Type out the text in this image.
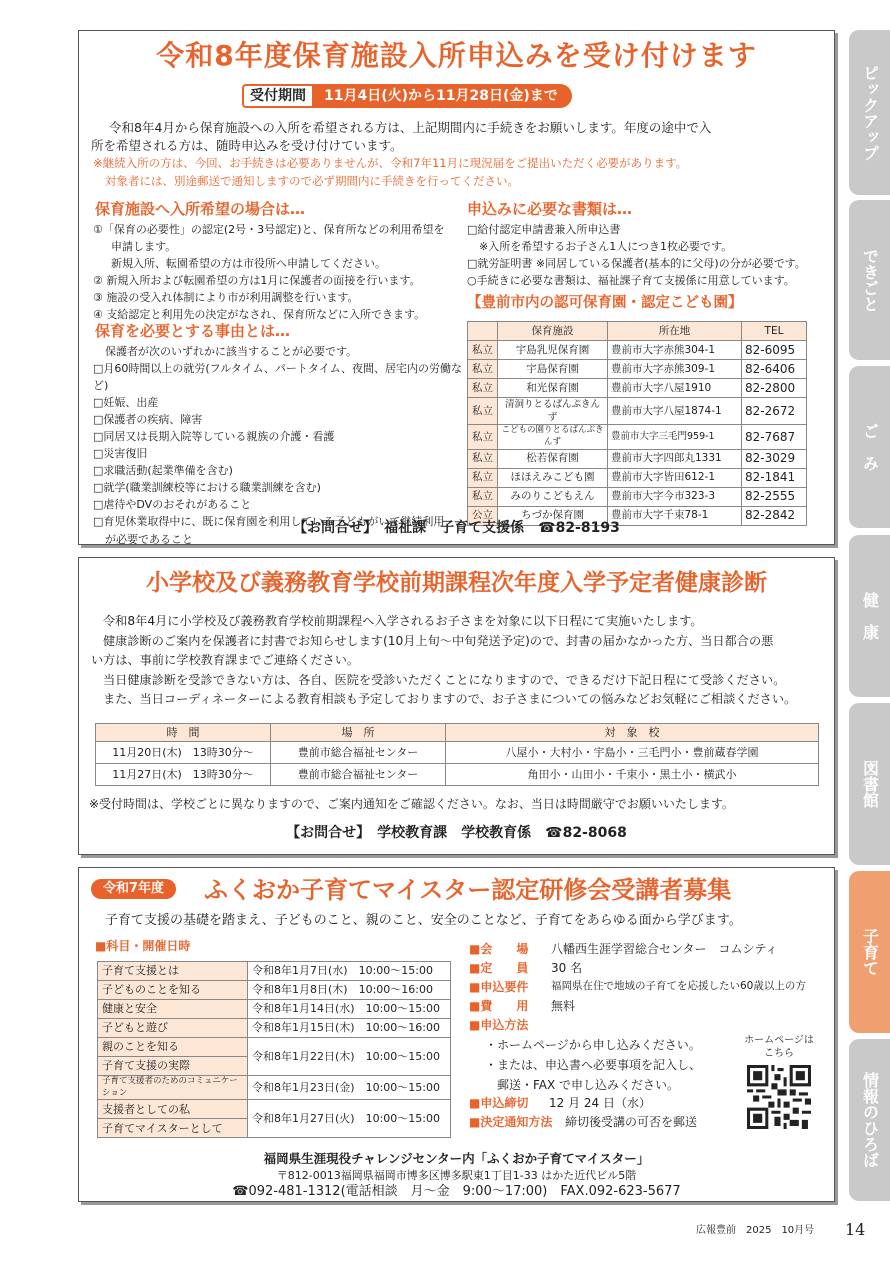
令和8年度保育施設入所申込みを受け付けます
受付期間	11月4日(火)から11月28日(金)まで
令和8年4月から保育施設への入所を希望される方は、上記期間内に手続きをお願いします。年度の途中で入
所を希望される方は、随時申込みを受け付けています。
※継続入所の方は、今回、お手続きは必要ありませんが、令和7年11月に現況届をご提出いただく必要があります。
対象者には、別途郵送で通知しますので必ず期間内に手続きを行ってください。
保育施設へ入所希望の場合は…
①「保育の必要性」の認定(2号・3号認定)と、保育所などの利用希望を
申請します。
新規入所、転園希望の方は市役所へ申請してください。
② 新規入所および転園希望の方は1月に保護者の面接を行います。
③ 施設の受入れ体制により市が利用調整を行います。
④ 支給認定と利用先の決定がなされ、保育所などに入所できます。
保育を必要とする事由とは…
保護者が次のいずれかに該当することが必要です。
□月60時間以上の就労(フルタイム、パートタイム、夜間、居宅内の労働など)
□妊娠、出産
□保護者の疾病、障害
□同居又は長期入院等している親族の介護・看護
□災害復旧
□求職活動(起業準備を含む)
□就学(職業訓練校等における職業訓練を含む)
□虐待やDVのおそれがあること
□育児休業取得中に、既に保育園を利用している子どもがいて継続利用
が必要であること
申込みに必要な書類は…
□給付認定申請書兼入所申込書
※入所を希望するお子さん1人につき1枚必要です。
□就労証明書 ※同居している保護者(基本的に父母)の分が必要です。
○手続きに必要な書類は、福祉課子育て支援係に用意しています。
【豊前市内の認可保育園・認定こども園】
	保育施設	所在地	TEL
私立	宇島乳児保育園	豊前市大字赤熊304-1	82-6095
私立	宇島保育園	豊前市大字赤熊309-1	82-6406
私立	和光保育園	豊前市大字八屋1910	82-2800
私立	清洞りとるぱんぷきんず	豊前市大字八屋1874-1	82-2672
私立	こどもの園りとるぱんぷきんず	豊前市大字三毛門959-1	82-7687
私立	松若保育園	豊前市大字四郎丸1331	82-3029
私立	ほほえみこども園	豊前市大字皆田612-1	82-1841
私立	みのりこどもえん	豊前市大字今市323-3	82-2555
公立	ちづか保育園	豊前市大字千束78-1	82-2842
【お問合せ】　福祉課　子育て支援係　☎82-8193
小学校及び義務教育学校前期課程次年度入学予定者健康診断
令和8年4月に小学校及び義務教育学校前期課程へ入学されるお子さまを対象に以下日程にて実施いたします。
健康診断のご案内を保護者に封書でお知らせします(10月上旬〜中旬発送予定)ので、封書の届かなかった方、当日都合の悪
い方は、事前に学校教育課までご連絡ください。
当日健康診断を受診できない方は、各自、医院を受診いただくことになりますので、できるだけ下記日程にて受診ください。
また、当日コーディネーターによる教育相談も予定しておりますので、お子さまについての悩みなどお気軽にご相談ください。
時　間	場　所	対　象　校
11月20日(木)　13時30分〜	豊前市総合福祉センター	八屋小・大村小・宇島小・三毛門小・豊前蔵春学園
11月27日(木)　13時30分〜	豊前市総合福祉センター	角田小・山田小・千束小・黒土小・横武小
※受付時間は、学校ごとに異なりますので、ご案内通知をご確認ください。なお、当日は時間厳守でお願いいたします。
【お問合せ】　学校教育課　学校教育係　☎82-8068
令和7年度	ふくおか子育てマイスター認定研修会受講者募集
子育て支援の基礎を踏まえ、子どものこと、親のこと、安全のことなど、子育てをあらゆる面から学びます。
■科目・開催日時
子育て支援とは	令和8年1月7日(水)　10:00〜15:00
子どものことを知る	令和8年1月8日(木)　10:00〜16:00
健康と安全	令和8年1月14日(水)　10:00〜15:00
子どもと遊び	令和8年1月15日(木)　10:00〜16:00
親のことを知る	令和8年1月22日(木)　10:00〜15:00
子育て支援の実際	
子育て支援者のためのコミュニケーション	令和8年1月23日(金)　10:00〜15:00
支援者としての私	令和8年1月27日(火)　10:00〜15:00
子育てマイスターとして	
■会　　場	八幡西生涯学習総合センター　コムシティ
■定　　員	30 名
■申込要件	福岡県在住で地域の子育てを応援したい60歳以上の方
■費　　用	無料
■申込方法
・ホームページから申し込みください。
・または、申込書へ必要事項を記入し、
　郵送・FAX で申し込みください。
■申込締切	12 月 24 日（水）
■決定通知方法	締切後受講の可否を郵送
ホームページは
こちら
福岡県生涯現役チャレンジセンター内「ふくおか子育てマイスター」
〒812-0013福岡県福岡市博多区博多駅東1丁目1-33 はかた近代ビル5階
☎092-481-1312(電話相談　月〜金　9:00〜17:00)　FAX.092-623-5677
ピックアップ
できごと
ご　み
健　康
図書館
子育て
情報のひろば
広報豊前　2025　10月号 14
